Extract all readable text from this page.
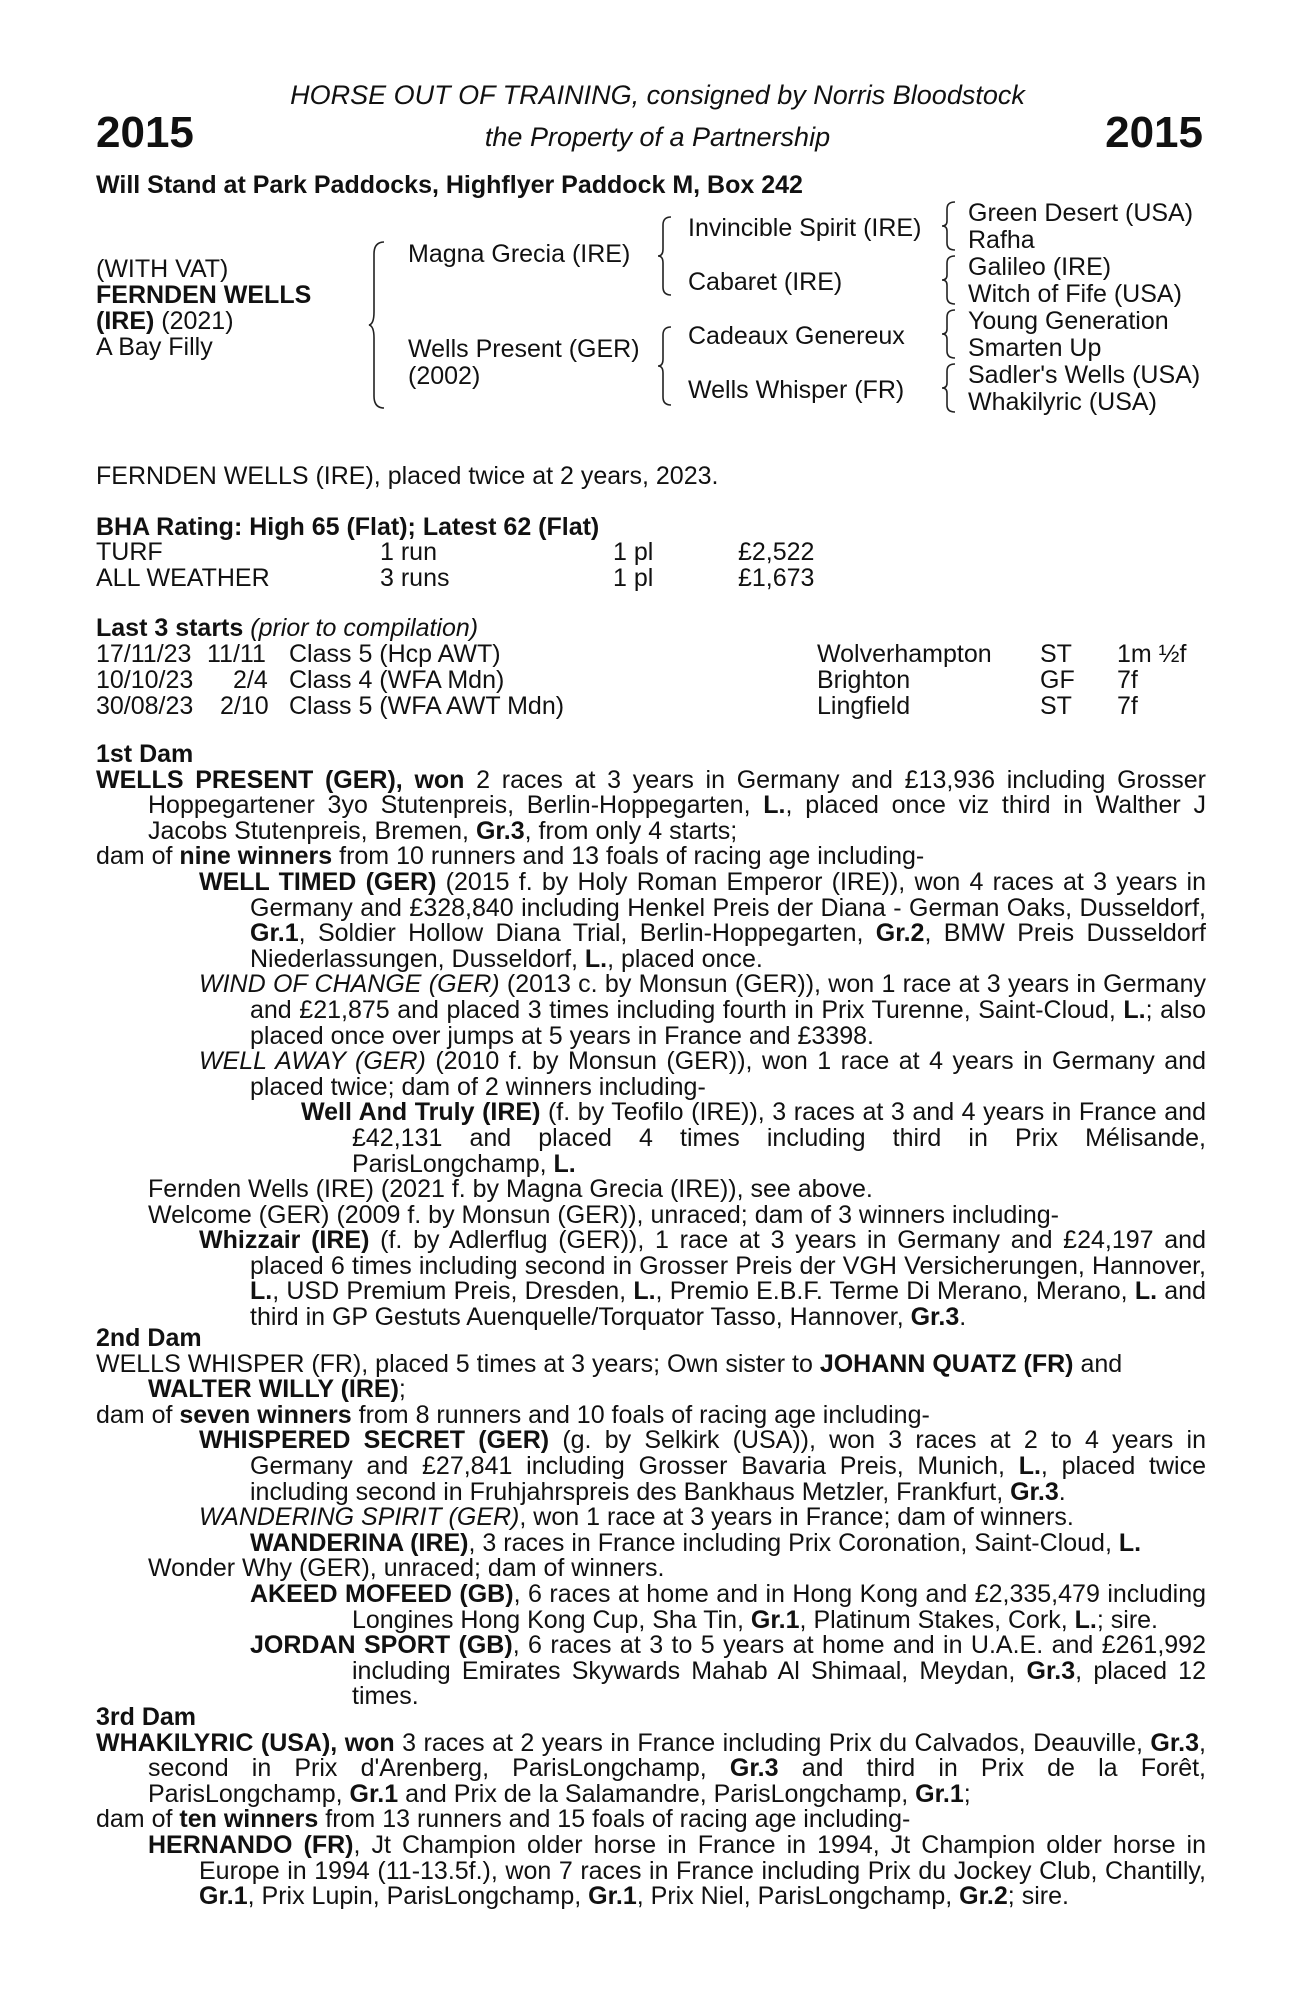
2015	2015
HORSE OUT OF TRAINING, consigned by Norris Bloodstock
the Property of a Partnership
Will Stand at Park Paddocks, Highflyer Paddock M, Box 242
(WITH VAT)
FERNDEN WELLS
(IRE) (2021)
A Bay Filly
Magna Grecia (IRE)
Wells Present (GER)
(2002)
Invincible Spirit (IRE)
Cabaret (IRE)
Cadeaux Genereux
Wells Whisper (FR)
Green Desert (USA)
Rafha
Galileo (IRE)
Witch of Fife (USA)
Young Generation
Smarten Up
Sadler's Wells (USA)
Whakilyric (USA)
FERNDEN WELLS (IRE), placed twice at 2 years, 2023.
BHA Rating: High 65 (Flat); Latest 62 (Flat)
TURF	1 run	1 pl	£2,522
ALL WEATHER	3 runs	1 pl	£1,673
Last 3 starts (prior to compilation)
17/11/23 11/11 Class 5 (Hcp AWT)	Wolverhampton ST 1m ½f
10/10/23 2/4 Class 4 (WFA Mdn)	Brighton	GF 7f
30/08/23 2/10 Class 5 (WFA AWT Mdn)	Lingfield	ST 7f

1st Dam

WELLS PRESENT (GER), won 2 races at 3 years in Germany and £13,936 including Grosser Hoppegartener 3yo Stutenpreis, Berlin-Hoppegarten, L., placed once viz third in Walther J Jacobs Stutenpreis, Bremen, Gr.3, from only 4 starts;

dam of nine winners from 10 runners and 13 foals of racing age including-

WELL TIMED (GER) (2015 f. by Holy Roman Emperor (IRE)), won 4 races at 3 years in Germany and £328,840 including Henkel Preis der Diana - German Oaks, Dusseldorf, Gr.1, Soldier Hollow Diana Trial, Berlin-Hoppegarten, Gr.2, BMW Preis Dusseldorf Niederlassungen, Dusseldorf, L., placed once.

WIND OF CHANGE (GER) (2013 c. by Monsun (GER)), won 1 race at 3 years in Germany and £21,875 and placed 3 times including fourth in Prix Turenne, Saint-Cloud, L.; also placed once over jumps at 5 years in France and £3398.

WELL AWAY (GER) (2010 f. by Monsun (GER)), won 1 race at 4 years in Germany and placed twice; dam of 2 winners including-

Well And Truly (IRE) (f. by Teofilo (IRE)), 3 races at 3 and 4 years in France and £42,131 and placed 4 times including third in Prix Mélisande, ParisLongchamp, L.

Fernden Wells (IRE) (2021 f. by Magna Grecia (IRE)), see above.

Welcome (GER) (2009 f. by Monsun (GER)), unraced; dam of 3 winners including-

Whizzair (IRE) (f. by Adlerflug (GER)), 1 race at 3 years in Germany and £24,197 and placed 6 times including second in Grosser Preis der VGH Versicherungen, Hannover, L., USD Premium Preis, Dresden, L., Premio E.B.F. Terme Di Merano, Merano, L. and third in GP Gestuts Auenquelle/Torquator Tasso, Hannover, Gr.3.

2nd Dam

WELLS WHISPER (FR), placed 5 times at 3 years; Own sister to JOHANN QUATZ (FR) and WALTER WILLY (IRE);

dam of seven winners from 8 runners and 10 foals of racing age including-

WHISPERED SECRET (GER) (g. by Selkirk (USA)), won 3 races at 2 to 4 years in Germany and £27,841 including Grosser Bavaria Preis, Munich, L., placed twice including second in Fruhjahrspreis des Bankhaus Metzler, Frankfurt, Gr.3.

WANDERING SPIRIT (GER), won 1 race at 3 years in France; dam of winners.

WANDERINA (IRE), 3 races in France including Prix Coronation, Saint-Cloud, L.

Wonder Why (GER), unraced; dam of winners.

AKEED MOFEED (GB), 6 races at home and in Hong Kong and £2,335,479 including Longines Hong Kong Cup, Sha Tin, Gr.1, Platinum Stakes, Cork, L.; sire.

JORDAN SPORT (GB), 6 races at 3 to 5 years at home and in U.A.E. and £261,992 including Emirates Skywards Mahab Al Shimaal, Meydan, Gr.3, placed 12 times.

3rd Dam

WHAKILYRIC (USA), won 3 races at 2 years in France including Prix du Calvados, Deauville, Gr.3, second in Prix d'Arenberg, ParisLongchamp, Gr.3 and third in Prix de la Forêt, ParisLongchamp, Gr.1 and Prix de la Salamandre, ParisLongchamp, Gr.1;

dam of ten winners from 13 runners and 15 foals of racing age including-

HERNANDO (FR), Jt Champion older horse in France in 1994, Jt Champion older horse in Europe in 1994 (11-13.5f.), won 7 races in France including Prix du Jockey Club, Chantilly, Gr.1, Prix Lupin, ParisLongchamp, Gr.1, Prix Niel, ParisLongchamp, Gr.2; sire.
